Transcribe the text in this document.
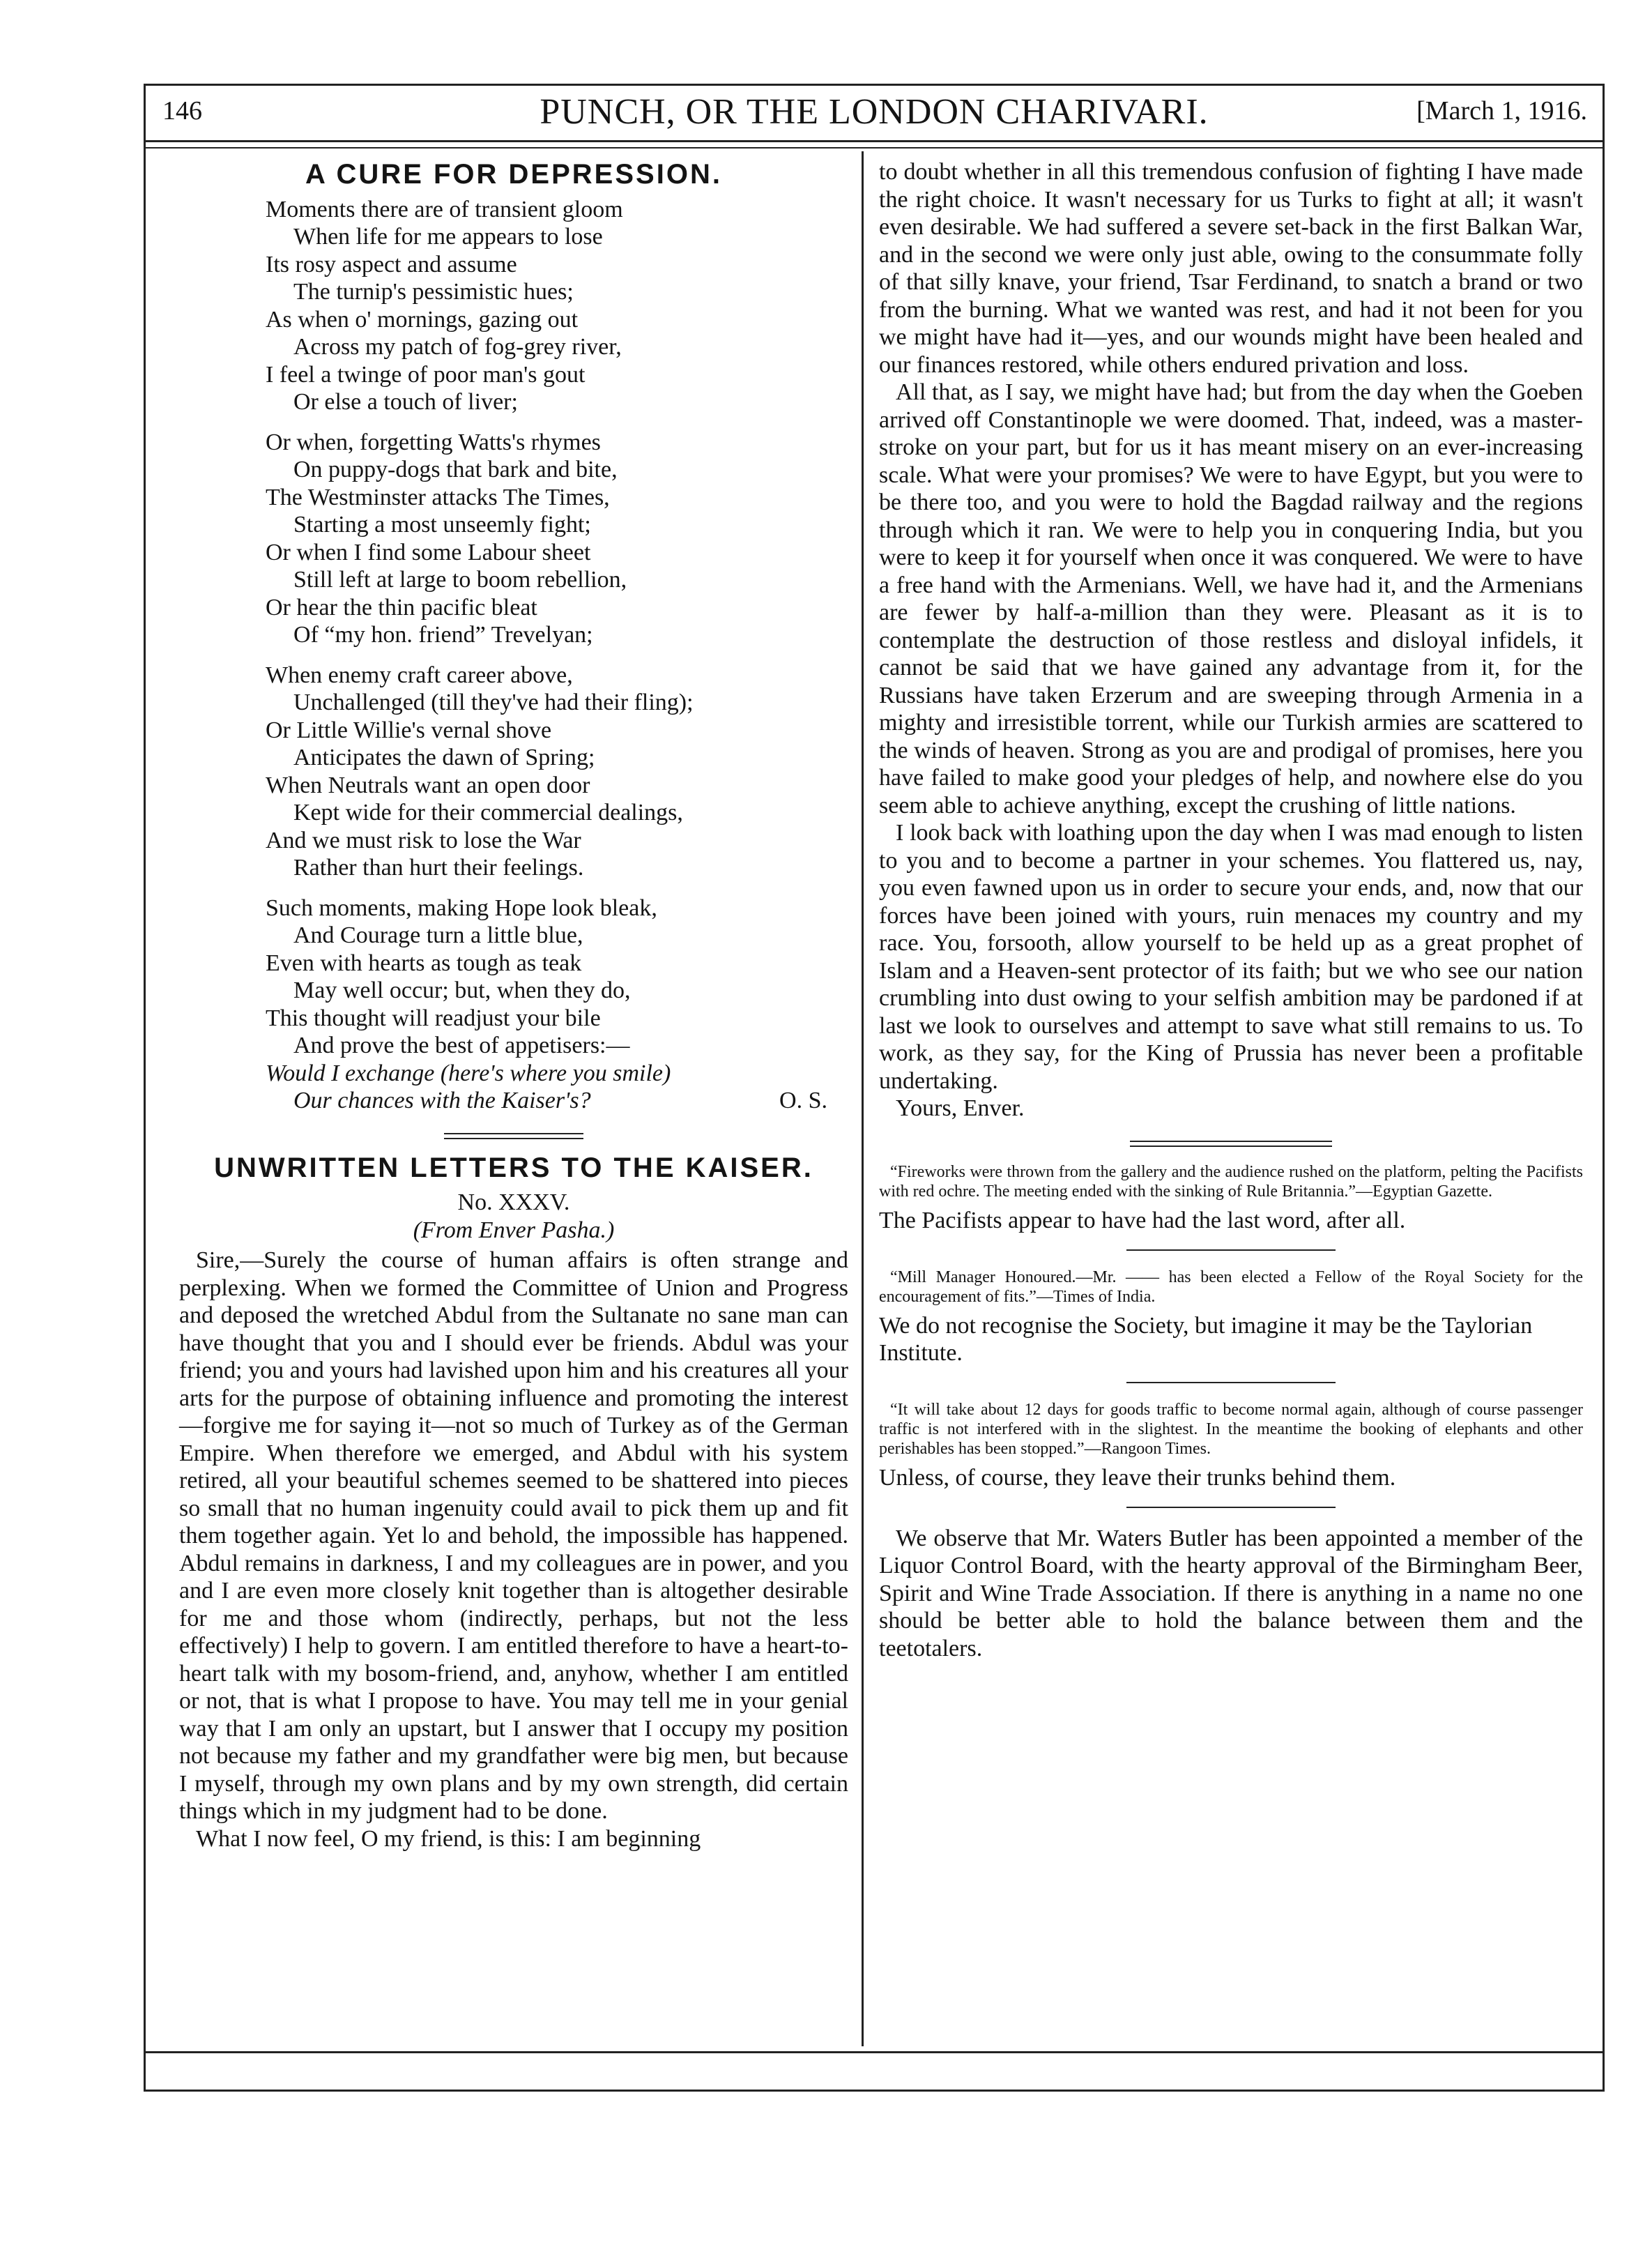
146	PUNCH, OR THE LONDON CHARIVARI.	[March 1, 1916.
A CURE FOR DEPRESSION.

Moments there are of transient gloom

When life for me appears to lose

Its rosy aspect and assume

The turnip's pessimistic hues;

As when o' mornings, gazing out

Across my patch of fog-grey river,

I feel a twinge of poor man's gout

Or else a touch of liver;

Or when, forgetting Watts's rhymes

On puppy-dogs that bark and bite,

The Westminster attacks The Times,

Starting a most unseemly fight;

Or when I find some Labour sheet

Still left at large to boom rebellion,

Or hear the thin pacific bleat

Of “my hon. friend” Trevelyan;

When enemy craft career above,

Unchallenged (till they've had their fling);

Or Little Willie's vernal shove

Anticipates the dawn of Spring;

When Neutrals want an open door

Kept wide for their commercial dealings,

And we must risk to lose the War

Rather than hurt their feelings.

Such moments, making Hope look bleak,

And Courage turn a little blue,

Even with hearts as tough as teak

May well occur; but, when they do,

This thought will readjust your bile

And prove the best of appetisers:—

Would I exchange (here's where you smile)

Our chances with the Kaiser's?	O. S.

UNWRITTEN LETTERS TO THE KAISER.

No. XXXV.

(From Enver Pasha.)

Sire,—Surely the course of human affairs is often strange and perplexing. When we formed the Committee of Union and Progress and deposed the wretched Abdul from the Sultanate no sane man can have thought that you and I should ever be friends. Abdul was your friend; you and yours had lavished upon him and his creatures all your arts for the purpose of obtaining influence and promoting the interest—forgive me for saying it—not so much of Turkey as of the German Empire. When therefore we emerged, and Abdul with his system retired, all your beautiful schemes seemed to be shattered into pieces so small that no human ingenuity could avail to pick them up and fit them together again. Yet lo and behold, the impossible has happened. Abdul remains in darkness, I and my colleagues are in power, and you and I are even more closely knit together than is altogether desirable for me and those whom (indirectly, perhaps, but not the less effectively) I help to govern. I am entitled therefore to have a heart-to-heart talk with my bosom-friend, and, anyhow, whether I am entitled or not, that is what I propose to have. You may tell me in your genial way that I am only an upstart, but I answer that I occupy my position not because my father and my grandfather were big men, but because I myself, through my own plans and by my own strength, did certain things which in my judgment had to be done.

What I now feel, O my friend, is this: I am beginning

to doubt whether in all this tremendous confusion of fighting I have made the right choice. It wasn't necessary for us Turks to fight at all; it wasn't even desirable. We had suffered a severe set-back in the first Balkan War, and in the second we were only just able, owing to the consummate folly of that silly knave, your friend, Tsar Ferdinand, to snatch a brand or two from the burning. What we wanted was rest, and had it not been for you we might have had it—yes, and our wounds might have been healed and our finances restored, while others endured privation and loss.

All that, as I say, we might have had; but from the day when the Goeben arrived off Constantinople we were doomed. That, indeed, was a master-stroke on your part, but for us it has meant misery on an ever-increasing scale. What were your promises? We were to have Egypt, but you were to be there too, and you were to hold the Bagdad railway and the regions through which it ran. We were to help you in conquering India, but you were to keep it for yourself when once it was conquered. We were to have a free hand with the Armenians. Well, we have had it, and the Armenians are fewer by half-a-million than they were. Pleasant as it is to contemplate the destruction of those restless and disloyal infidels, it cannot be said that we have gained any advantage from it, for the Russians have taken Erzerum and are sweeping through Armenia in a mighty and irresistible torrent, while our Turkish armies are scattered to the winds of heaven. Strong as you are and prodigal of promises, here you have failed to make good your pledges of help, and nowhere else do you seem able to achieve anything, except the crushing of little nations.

I look back with loathing upon the day when I was mad enough to listen to you and to become a partner in your schemes. You flattered us, nay, you even fawned upon us in order to secure your ends, and, now that our forces have been joined with yours, ruin menaces my country and my race. You, forsooth, allow yourself to be held up as a great prophet of Islam and a Heaven-sent protector of its faith; but we who see our nation crumbling into dust owing to your selfish ambition may be pardoned if at last we look to ourselves and attempt to save what still remains to us. To work, as they say, for the King of Prussia has never been a profitable undertaking.

Yours, Enver.

“Fireworks were thrown from the gallery and the audience rushed on the platform, pelting the Pacifists with red ochre. The meeting ended with the sinking of Rule Britannia.”—Egyptian Gazette.

The Pacifists appear to have had the last word, after all.

“Mill Manager Honoured.—Mr. —— has been elected a Fellow of the Royal Society for the encouragement of fits.”—Times of India.

We do not recognise the Society, but imagine it may be the Taylorian Institute.

“It will take about 12 days for goods traffic to become normal again, although of course passenger traffic is not interfered with in the slightest. In the meantime the booking of elephants and other perishables has been stopped.”—Rangoon Times.

Unless, of course, they leave their trunks behind them.

We observe that Mr. Waters Butler has been appointed a member of the Liquor Control Board, with the hearty approval of the Birmingham Beer, Spirit and Wine Trade Association. If there is anything in a name no one should be better able to hold the balance between them and the teetotalers.
